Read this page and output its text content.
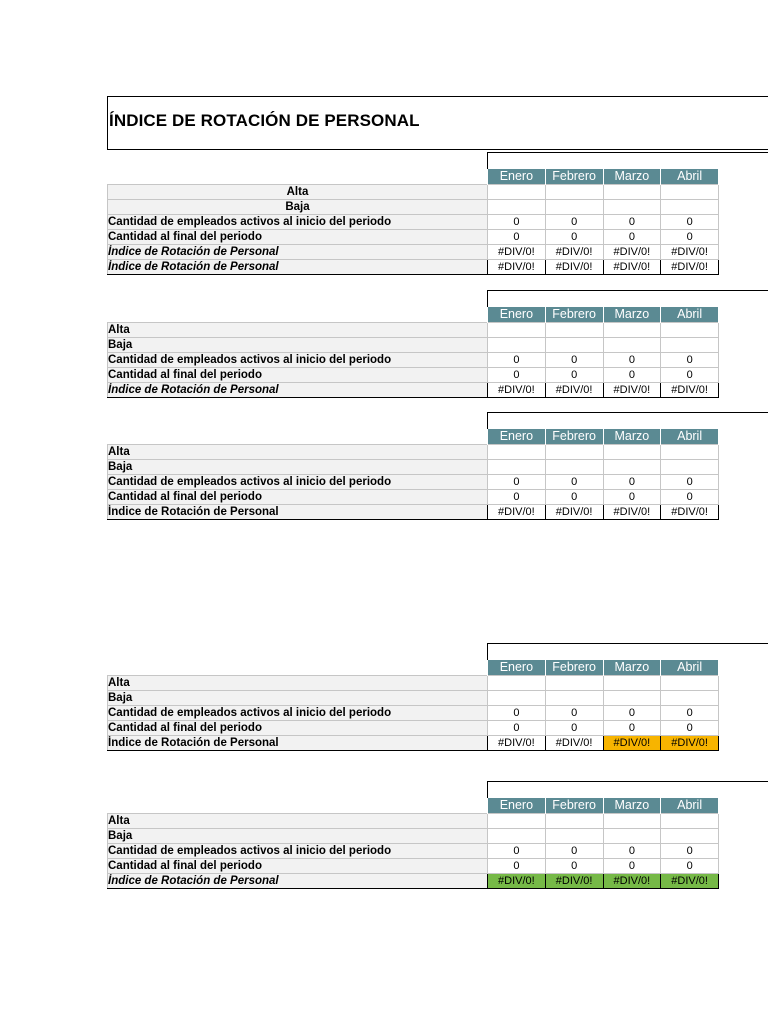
ÍNDICE DE ROTACIÓN DE PERSONAL
	Enero	Febrero	Marzo	Abril
Alta				
Baja				
Cantidad de empleados activos al inicio del periodo	0	0	0	0
Cantidad al final del periodo	0	0	0	0
Índice de Rotación de Personal	#DIV/0!	#DIV/0!	#DIV/0!	#DIV/0!
Índice de Rotación de Personal	#DIV/0!	#DIV/0!	#DIV/0!	#DIV/0!
	Enero	Febrero	Marzo	Abril
Alta				
Baja				
Cantidad de empleados activos al inicio del periodo	0	0	0	0
Cantidad al final del periodo	0	0	0	0
Índice de Rotación de Personal	#DIV/0!	#DIV/0!	#DIV/0!	#DIV/0!
	Enero	Febrero	Marzo	Abril
Alta				
Baja				
Cantidad de empleados activos al inicio del periodo	0	0	0	0
Cantidad al final del periodo	0	0	0	0
Índice de Rotación de Personal	#DIV/0!	#DIV/0!	#DIV/0!	#DIV/0!
	Enero	Febrero	Marzo	Abril
Alta				
Baja				
Cantidad de empleados activos al inicio del periodo	0	0	0	0
Cantidad al final del periodo	0	0	0	0
Índice de Rotación de Personal	#DIV/0!	#DIV/0!	#DIV/0!	#DIV/0!
	Enero	Febrero	Marzo	Abril
Alta				
Baja				
Cantidad de empleados activos al inicio del periodo	0	0	0	0
Cantidad al final del periodo	0	0	0	0
Índice de Rotación de Personal	#DIV/0!	#DIV/0!	#DIV/0!	#DIV/0!
